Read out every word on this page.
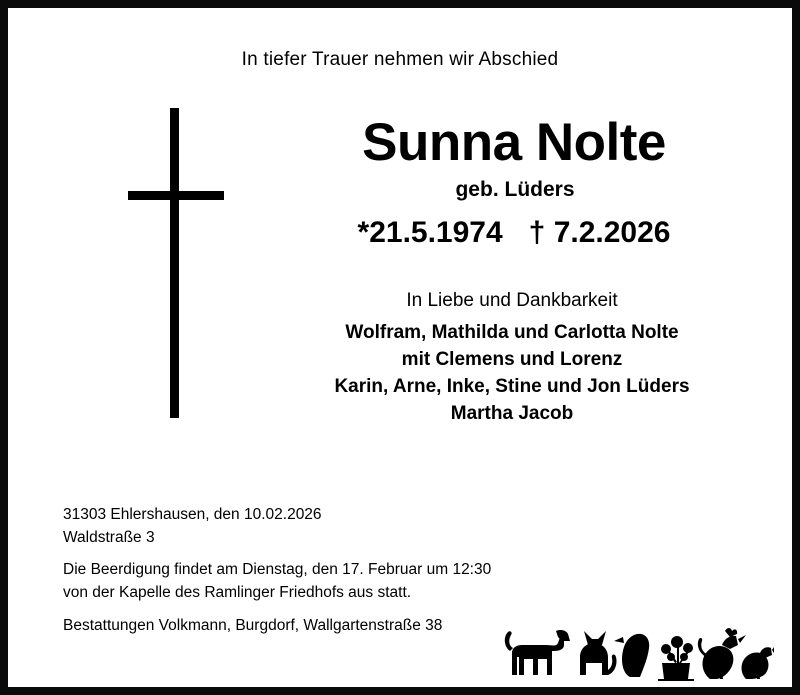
In tiefer Trauer nehmen wir Abschied
Sunna Nolte
geb. Lüders
*21.5.1974 † 7.2.2026
In Liebe und Dankbarkeit
Wolfram, Mathilda und Carlotta Nolte
mit Clemens und Lorenz
Karin, Arne, Inke, Stine und Jon Lüders
Martha Jacob
31303 Ehlershausen, den 10.02.2026
Waldstraße 3
Die Beerdigung findet am Dienstag, den 17. Februar um 12:30
von der Kapelle des Ramlinger Friedhofs aus statt.
Bestattungen Volkmann, Burgdorf, Wallgartenstraße 38
